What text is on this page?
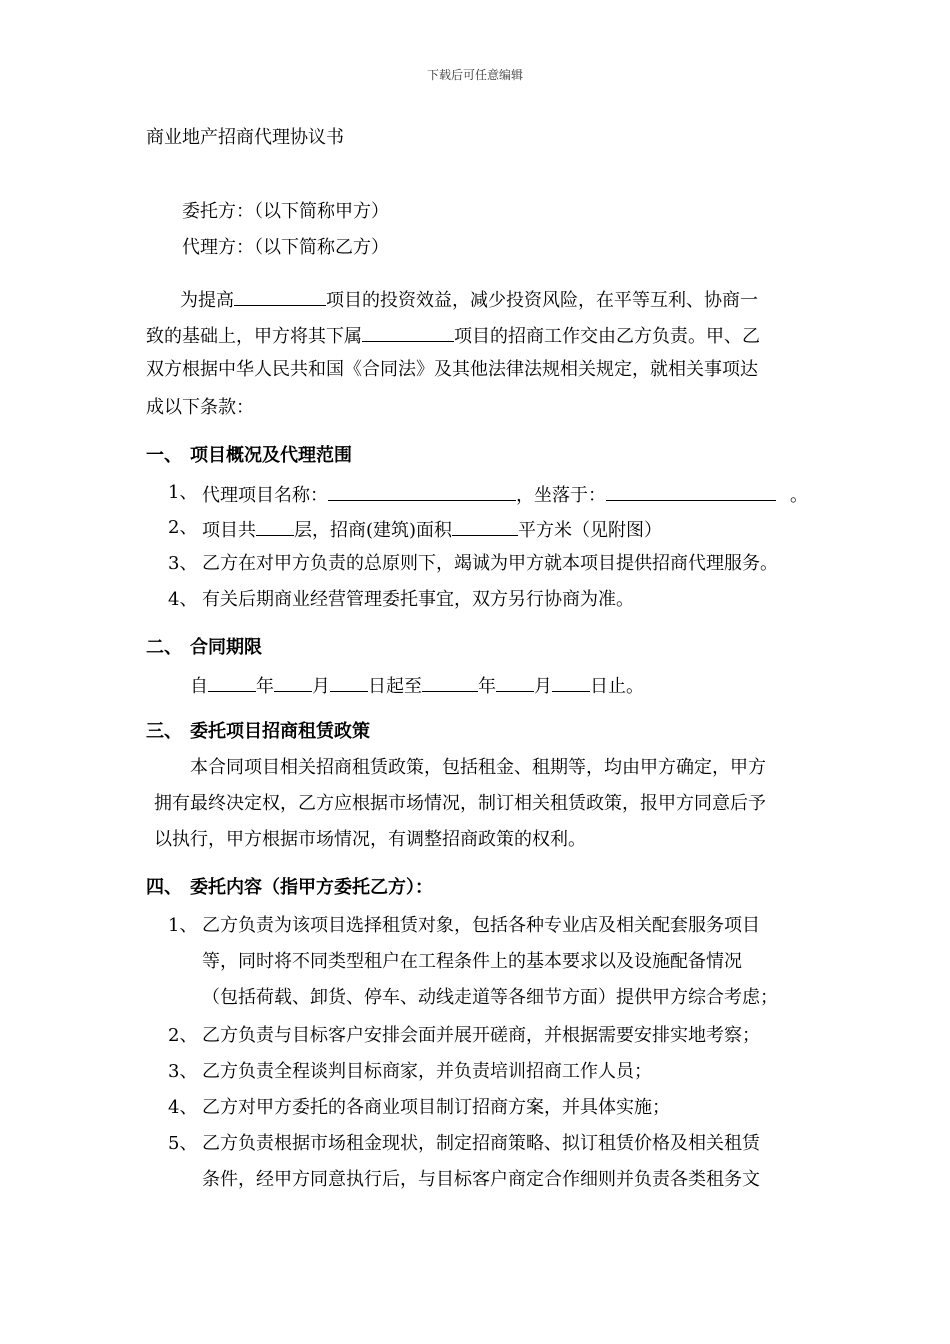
下载后可任意编辑
商业地产招商代理协议书
委托方：（以下简称甲方）
代理方：（以下简称乙方）
为提高	项目的投资效益，减少投资风险，在平等互利、协商一
致的基础上，甲方将其下属	项目的招商工作交由乙方负责。甲、乙
双方根据中华人民共和国《合同法》及其他法律法规相关规定，就相关事项达
成以下条款：
一、 项目概况及代理范围
1、 代理项目名称：	，坐落于：	。
2、 项目共 层，招商(建筑)面积	平方米（见附图）
3、 乙方在对甲方负责的总原则下，竭诚为甲方就本项目提供招商代理服务。
4、 有关后期商业经营管理委托事宜，双方另行协商为准。
二、 合同期限
自	年 月 日起至	年 月 日止。
三、 委托项目招商租赁政策
本合同项目相关招商租赁政策，包括租金、租期等，均由甲方确定，甲方
拥有最终决定权，乙方应根据市场情况，制订相关租赁政策，报甲方同意后予
以执行，甲方根据市场情况，有调整招商政策的权利。
四、 委托内容（指甲方委托乙方）：
1、 乙方负责为该项目选择租赁对象，包括各种专业店及相关配套服务项目
等，同时将不同类型租户在工程条件上的基本要求以及设施配备情况
（包括荷载、卸货、停车、动线走道等各细节方面）提供甲方综合考虑；
2、 乙方负责与目标客户安排会面并展开磋商，并根据需要安排实地考察；
3、 乙方负责全程谈判目标商家，并负责培训招商工作人员；
4、 乙方对甲方委托的各商业项目制订招商方案，并具体实施；
5、 乙方负责根据市场租金现状，制定招商策略、拟订租赁价格及相关租赁
条件，经甲方同意执行后，与目标客户商定合作细则并负责各类租务文
